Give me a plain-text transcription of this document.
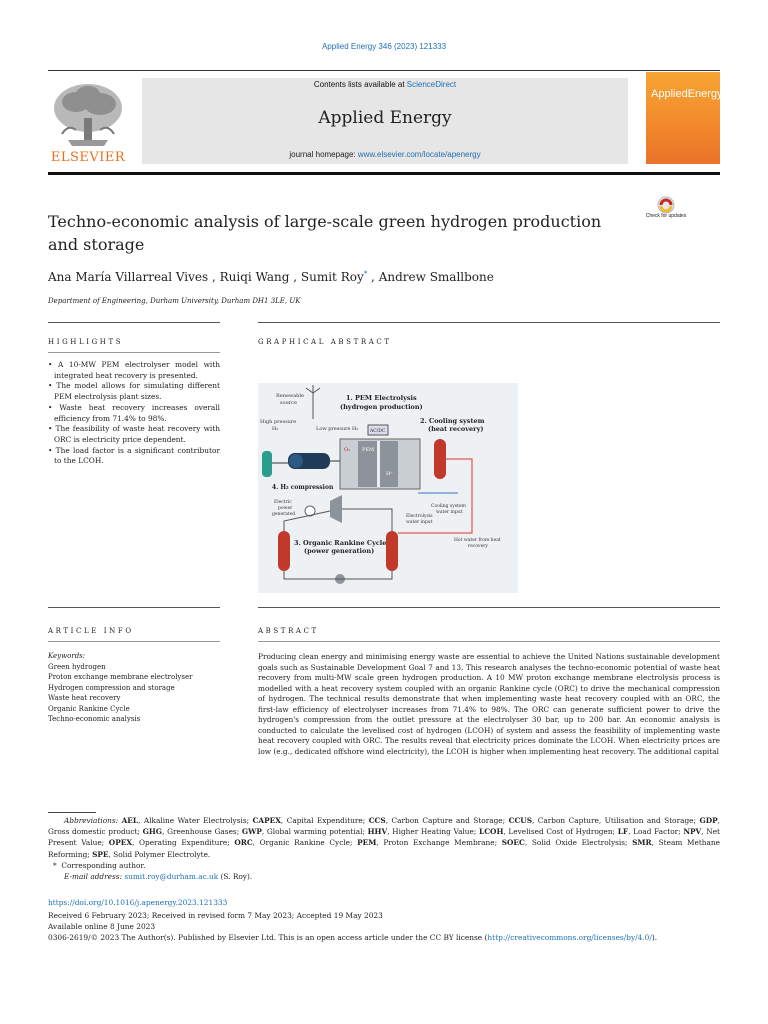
Applied Energy 346 (2023) 121333
ELSEVIER
Contents lists available at ScienceDirect
Applied Energy
journal homepage: www.elsevier.com/locate/apenergy
AppliedEnergy
Techno-economic analysis of large-scale green hydrogen production
and storage
Check for updates
Ana María Villarreal Vives , Ruiqi Wang , Sumit Roy* , Andrew Smallbone
Department of Engineering, Durham University, Durham DH1 3LE, UK
HIGHLIGHTS	GRAPHICAL ABSTRACT
• A 10-MW PEM electrolyser model with integrated heat recovery is presented.
• The model allows for simulating different PEM electrolysis plant sizes.
• Waste heat recovery increases overall efficiency from 71.4% to 98%.
• The feasibility of waste heat recovery with ORC is electricity price dependent.
• The load factor is a significant contributor to the LCOH.
Renewable
source
1. PEM Electrolysis
(hydrogen production)
High pressure
H₂	Low pressure H₂	AC/DC
PEM
O₂
H⁺
2. Cooling system
(heat recovery)
4. H₂ compression
Cooling system
water input
Electric
power
generated	Electrolysis
water input
3. Organic Rankine Cycle
(power generation)
Hot water from heat
recovery
ARTICLE INFO	ABSTRACT
Keywords:
Green hydrogen
Proton exchange membrane electrolyser
Hydrogen compression and storage
Waste heat recovery
Organic Rankine Cycle
Techno-economic analysis
Producing clean energy and minimising energy waste are essential to achieve the United Nations sustainable development goals such as Sustainable Development Goal 7 and 13. This research analyses the techno-economic potential of waste heat recovery from multi-MW scale green hydrogen production. A 10 MW proton exchange membrane electrolysis process is modelled with a heat recovery system coupled with an organic Rankine cycle (ORC) to drive the mechanical compression of hydrogen. The technical results demonstrate that when implementing waste heat recovery coupled with an ORC, the first-law efficiency of electrolyser increases from 71.4% to 98%. The ORC can generate sufficient power to drive the hydrogen's compression from the outlet pressure at the electrolyser 30 bar, up to 200 bar. An economic analysis is conducted to calculate the levelised cost of hydrogen (LCOH) of system and assess the feasibility of implementing waste heat recovery coupled with ORC. The results reveal that electricity prices dominate the LCOH. When electricity prices are low (e.g., dedicated offshore wind electricity), the LCOH is higher when implementing heat recovery. The additional capital
Abbreviations: AEL, Alkaline Water Electrolysis; CAPEX, Capital Expenditure; CCS, Carbon Capture and Storage; CCUS, Carbon Capture, Utilisation and Storage; GDP, Gross domestic product; GHG, Greenhouse Gases; GWP, Global warming potential; HHV, Higher Heating Value; LCOH, Levelised Cost of Hydrogen; LF, Load Factor; NPV, Net Present Value; OPEX, Operating Expenditure; ORC, Organic Rankine Cycle; PEM, Proton Exchange Membrane; SOEC, Solid Oxide Electrolysis; SMR, Steam Methane Reforming; SPE, Solid Polymer Electrolyte.
* Corresponding author.
E-mail address: sumit.roy@durham.ac.uk (S. Roy).
https://doi.org/10.1016/j.apenergy.2023.121333
Received 6 February 2023; Received in revised form 7 May 2023; Accepted 19 May 2023
Available online 8 June 2023
0306-2619/© 2023 The Author(s). Published by Elsevier Ltd. This is an open access article under the CC BY license (http://creativecommons.org/licenses/by/4.0/).
